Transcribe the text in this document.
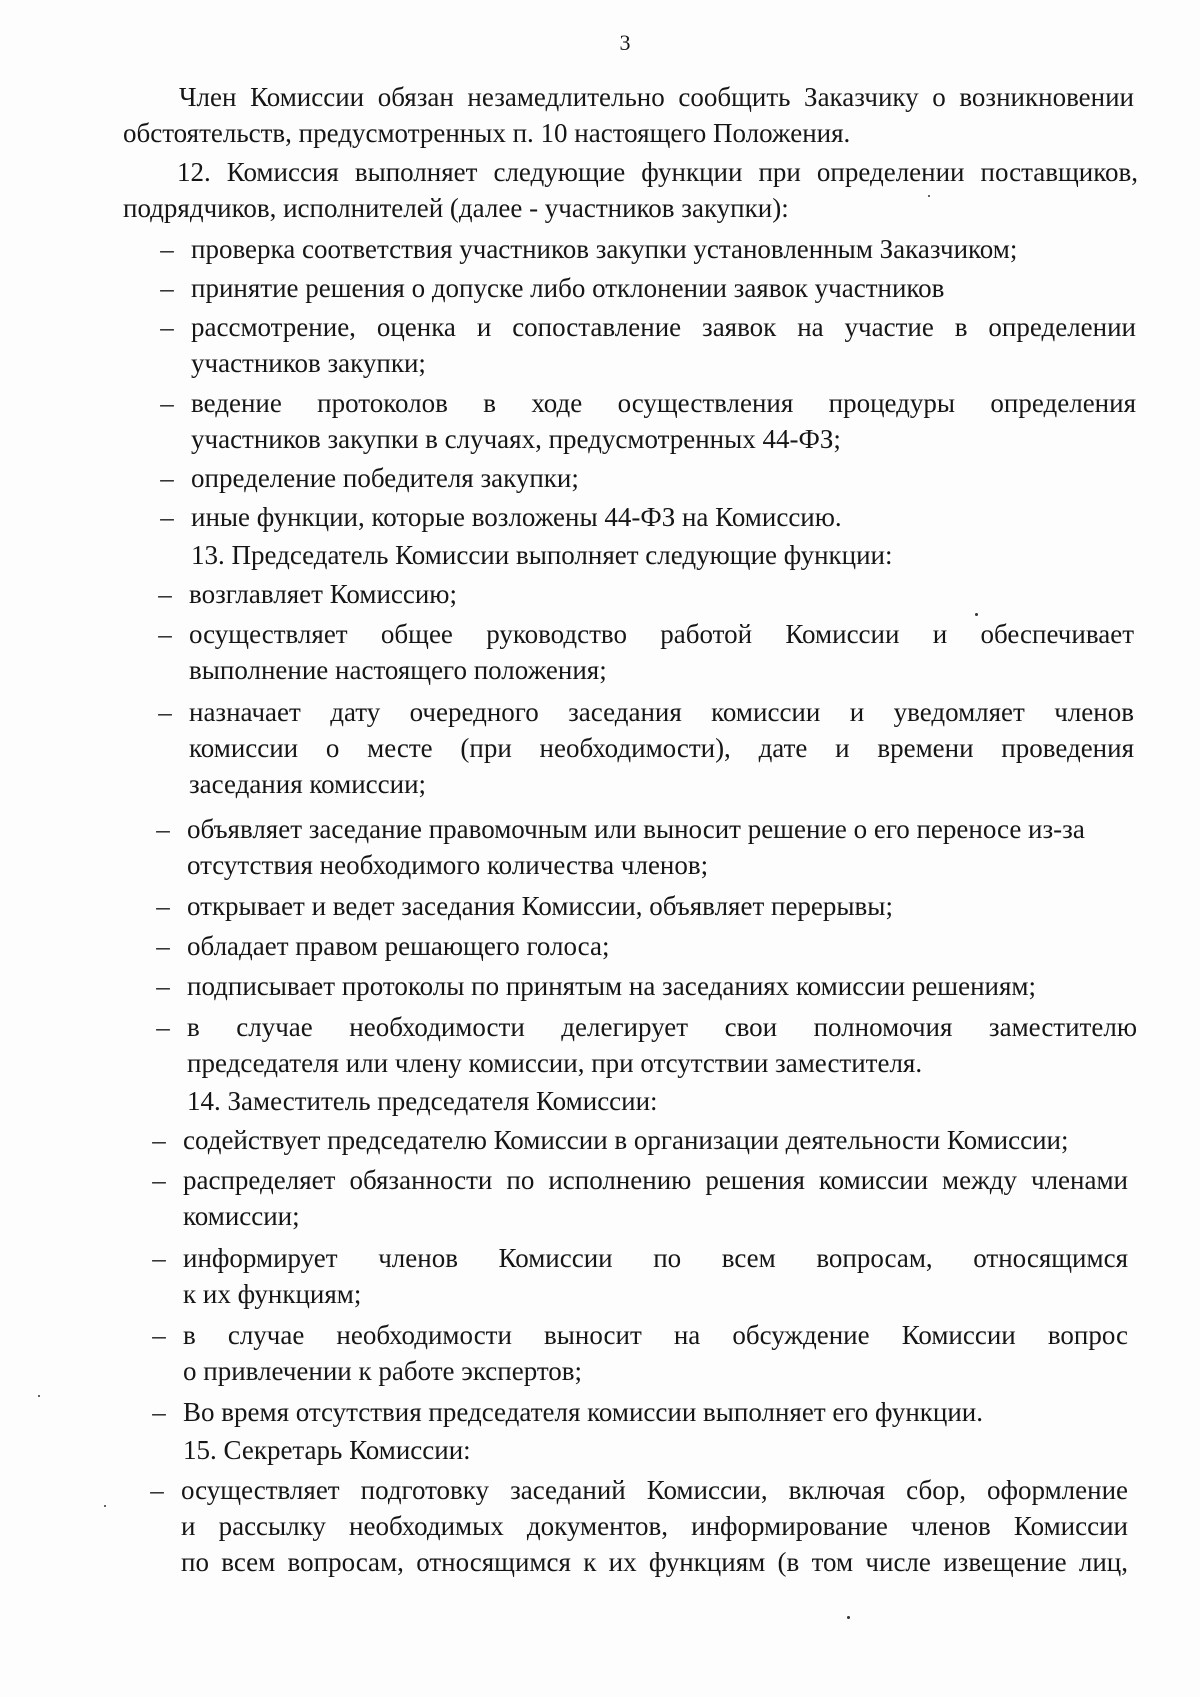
3
Член Комиссии обязан незамедлительно сообщить Заказчику о возникновении
обстоятельств, предусмотренных п. 10 настоящего Положения.
12. Комиссия выполняет следующие функции при определении поставщиков,
подрядчиков, исполнителей (далее - участников закупки):
– проверка соответствия участников закупки установленным Заказчиком;
– принятие решения о допуске либо отклонении заявок участников
– рассмотрение, оценка и сопоставление заявок на участие в определении
участников закупки;
– ведение протоколов в ходе осуществления процедуры определения
участников закупки в случаях, предусмотренных 44-ФЗ;
– определение победителя закупки;
– иные функции, которые возложены 44-ФЗ на Комиссию.
13. Председатель Комиссии выполняет следующие функции:
– возглавляет Комиссию;
– осуществляет общее руководство работой Комиссии и обеспечивает
выполнение настоящего положения;
– назначает дату очередного заседания комиссии и уведомляет членов
комиссии о месте (при необходимости), дате и времени проведения
заседания комиссии;
– объявляет заседание правомочным или выносит решение о его переносе из-за
отсутствия необходимого количества членов;
– открывает и ведет заседания Комиссии, объявляет перерывы;
– обладает правом решающего голоса;
– подписывает протоколы по принятым на заседаниях комиссии решениям;
– в случае необходимости делегирует свои полномочия заместителю
председателя или члену комиссии, при отсутствии заместителя.
14. Заместитель председателя Комиссии:
– содействует председателю Комиссии в организации деятельности Комиссии;
– распределяет обязанности по исполнению решения комиссии между членами
комиссии;
– информирует членов Комиссии по всем вопросам, относящимся
к их функциям;
– в случае необходимости выносит на обсуждение Комиссии вопрос
о привлечении к работе экспертов;
– Во время отсутствия председателя комиссии выполняет его функции.
15. Секретарь Комиссии:
– осуществляет подготовку заседаний Комиссии, включая сбор, оформление
и рассылку необходимых документов, информирование членов Комиссии
по всем вопросам, относящимся к их функциям (в том числе извещение лиц,
